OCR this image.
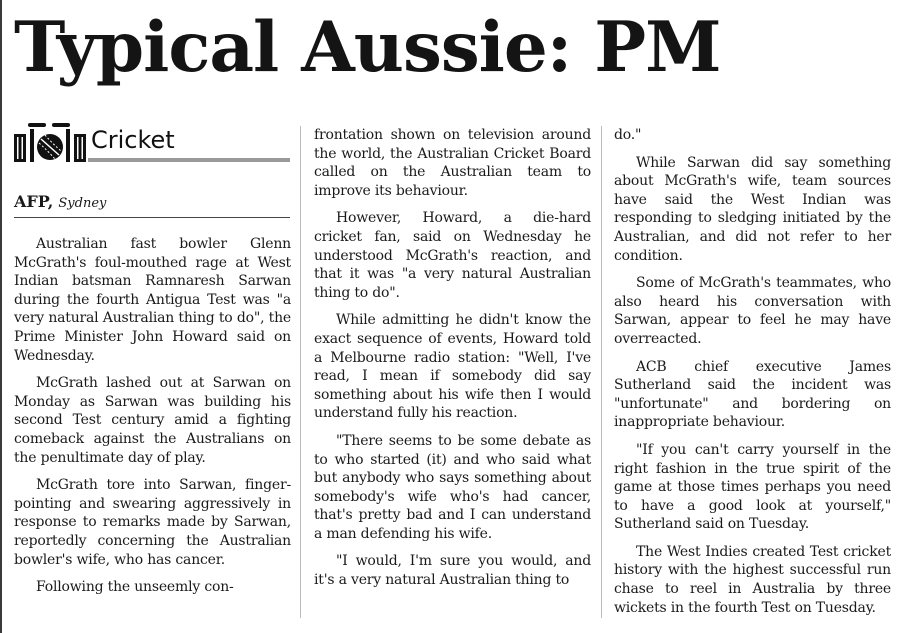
Typical Aussie: PM
Cricket
AFP, Sydney

Australian fast bowler Glenn McGrath's foul-mouthed rage at West Indian batsman Ramnaresh Sarwan during the fourth Antigua Test was "a very natural Australian thing to do", the Prime Minister John Howard said on Wednesday.

McGrath lashed out at Sarwan on Monday as Sarwan was building his second Test century amid a fighting comeback against the Australians on the penultimate day of play.

McGrath tore into Sarwan, finger-pointing and swearing aggressively in response to remarks made by Sarwan, reportedly concerning the Australian bowler's wife, who has cancer.

Following the unseemly con-

frontation shown on television around the world, the Australian Cricket Board called on the Australian team to improve its behaviour.

However, Howard, a die-hard cricket fan, said on Wednesday he understood McGrath's reaction, and that it was "a very natural Australian thing to do".

While admitting he didn't know the exact sequence of events, Howard told a Melbourne radio station: "Well, I've read, I mean if somebody did say something about his wife then I would understand fully his reaction.

"There seems to be some debate as to who started (it) and who said what but anybody who says something about somebody's wife who's had cancer, that's pretty bad and I can understand a man defending his wife.

"I would, I'm sure you would, and it's a very natural Australian thing to

do."

While Sarwan did say something about McGrath's wife, team sources have said the West Indian was responding to sledging initiated by the Australian, and did not refer to her condition.

Some of McGrath's teammates, who also heard his conversation with Sarwan, appear to feel he may have overreacted.

ACB chief executive James Sutherland said the incident was "unfortunate" and bordering on inappropriate behaviour.

"If you can't carry yourself in the right fashion in the true spirit of the game at those times perhaps you need to have a good look at yourself," Sutherland said on Tuesday.

The West Indies created Test cricket history with the highest successful run chase to reel in Australia by three wickets in the fourth Test on Tuesday.
